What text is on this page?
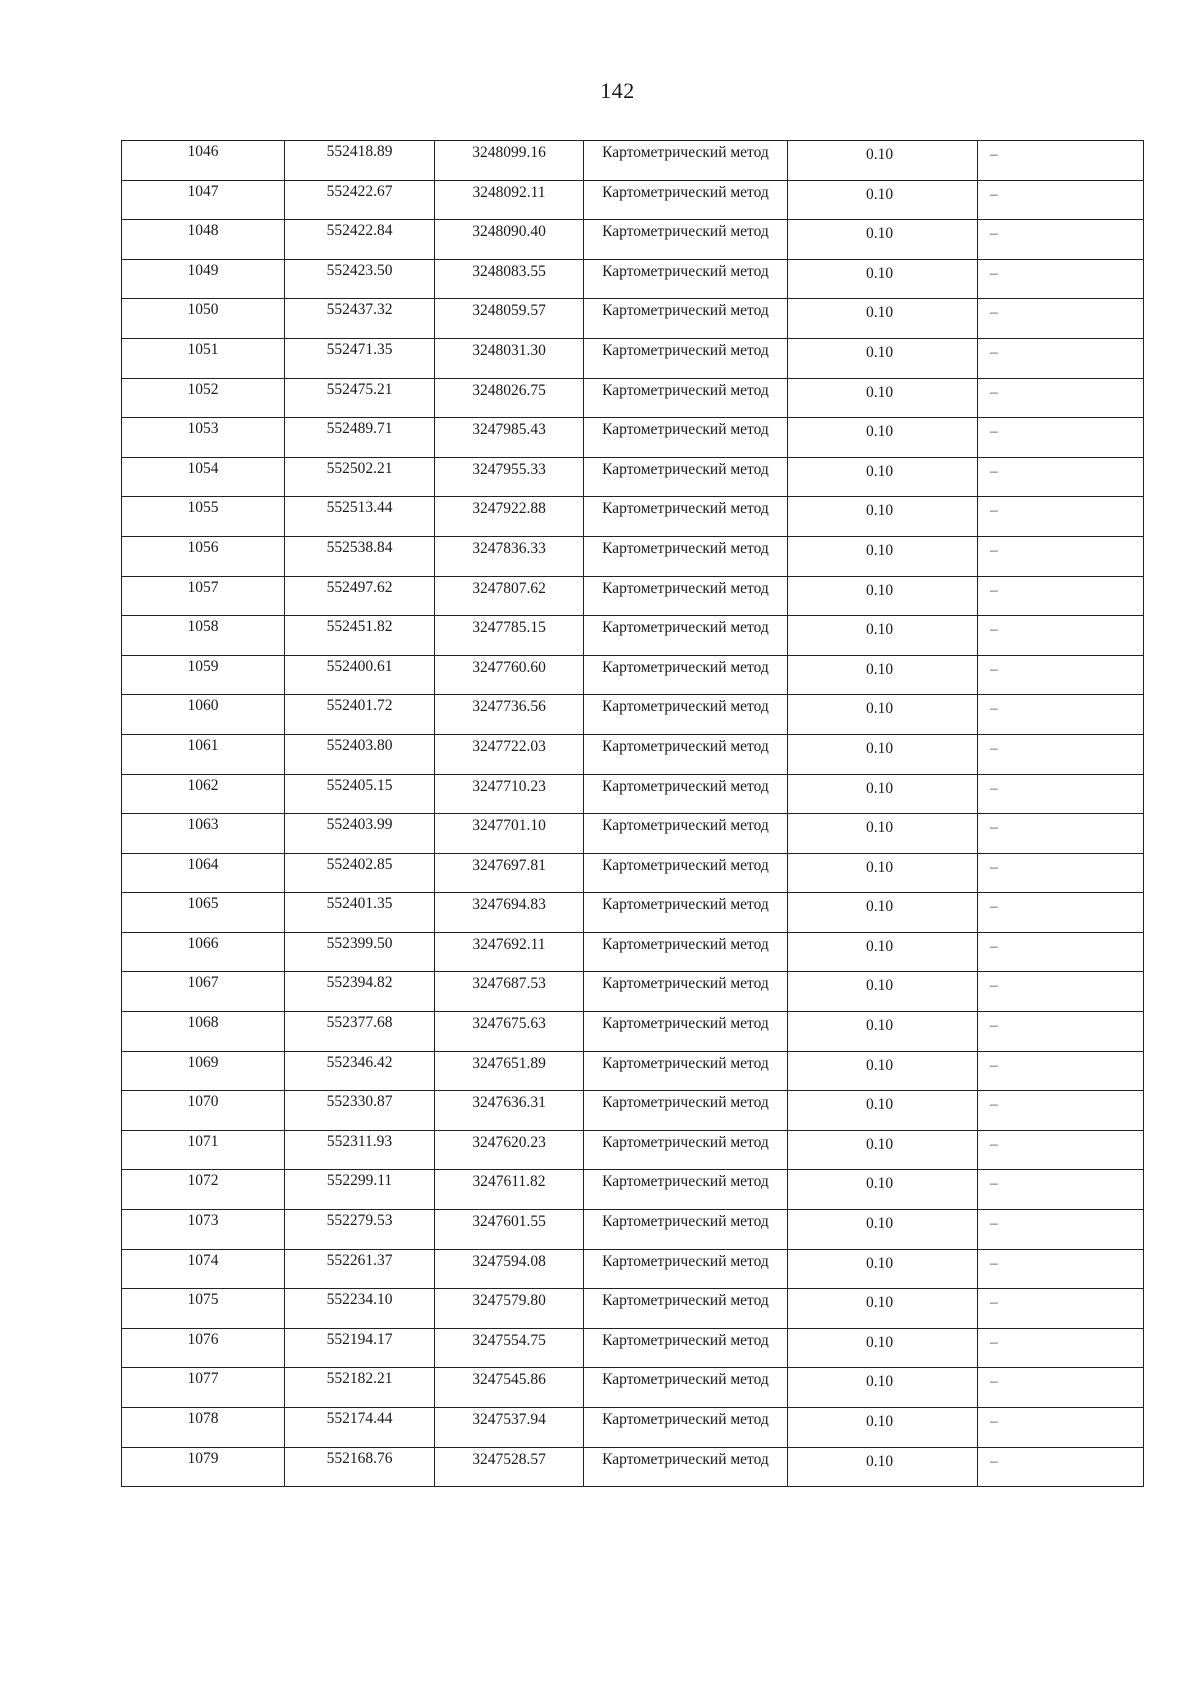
142
1046	552418.89	3248099.16	Картометрический метод	0.10	–
1047	552422.67	3248092.11	Картометрический метод	0.10	–
1048	552422.84	3248090.40	Картометрический метод	0.10	–
1049	552423.50	3248083.55	Картометрический метод	0.10	–
1050	552437.32	3248059.57	Картометрический метод	0.10	–
1051	552471.35	3248031.30	Картометрический метод	0.10	–
1052	552475.21	3248026.75	Картометрический метод	0.10	–
1053	552489.71	3247985.43	Картометрический метод	0.10	–
1054	552502.21	3247955.33	Картометрический метод	0.10	–
1055	552513.44	3247922.88	Картометрический метод	0.10	–
1056	552538.84	3247836.33	Картометрический метод	0.10	–
1057	552497.62	3247807.62	Картометрический метод	0.10	–
1058	552451.82	3247785.15	Картометрический метод	0.10	–
1059	552400.61	3247760.60	Картометрический метод	0.10	–
1060	552401.72	3247736.56	Картометрический метод	0.10	–
1061	552403.80	3247722.03	Картометрический метод	0.10	–
1062	552405.15	3247710.23	Картометрический метод	0.10	–
1063	552403.99	3247701.10	Картометрический метод	0.10	–
1064	552402.85	3247697.81	Картометрический метод	0.10	–
1065	552401.35	3247694.83	Картометрический метод	0.10	–
1066	552399.50	3247692.11	Картометрический метод	0.10	–
1067	552394.82	3247687.53	Картометрический метод	0.10	–
1068	552377.68	3247675.63	Картометрический метод	0.10	–
1069	552346.42	3247651.89	Картометрический метод	0.10	–
1070	552330.87	3247636.31	Картометрический метод	0.10	–
1071	552311.93	3247620.23	Картометрический метод	0.10	–
1072	552299.11	3247611.82	Картометрический метод	0.10	–
1073	552279.53	3247601.55	Картометрический метод	0.10	–
1074	552261.37	3247594.08	Картометрический метод	0.10	–
1075	552234.10	3247579.80	Картометрический метод	0.10	–
1076	552194.17	3247554.75	Картометрический метод	0.10	–
1077	552182.21	3247545.86	Картометрический метод	0.10	–
1078	552174.44	3247537.94	Картометрический метод	0.10	–
1079	552168.76	3247528.57	Картометрический метод	0.10	–
